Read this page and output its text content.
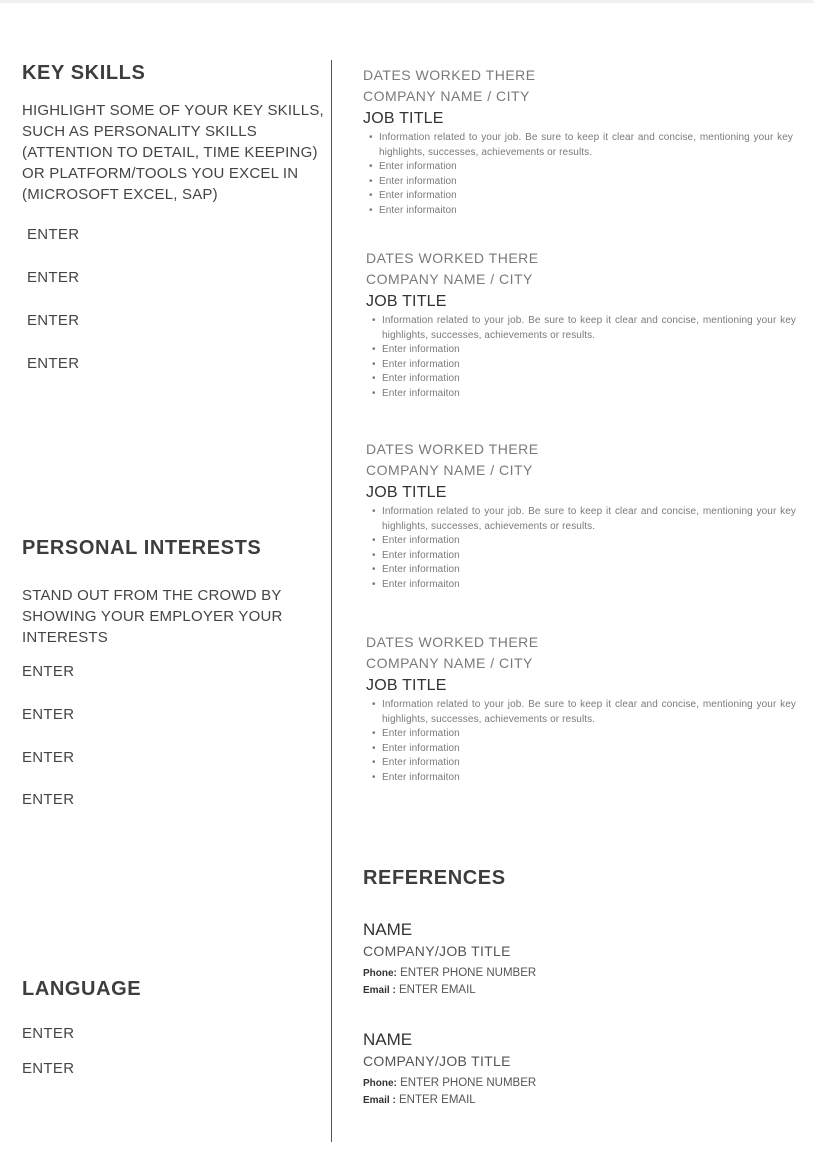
KEY SKILLS
HIGHLIGHT SOME OF YOUR KEY SKILLS,
SUCH AS PERSONALITY SKILLS
(ATTENTION TO DETAIL, TIME KEEPING)
OR PLATFORM/TOOLS YOU EXCEL IN
(MICROSOFT EXCEL, SAP)
ENTER
ENTER
ENTER
ENTER
PERSONAL INTERESTS
STAND OUT FROM THE CROWD BY
SHOWING YOUR EMPLOYER YOUR
INTERESTS
ENTER
ENTER
ENTER
ENTER
LANGUAGE
ENTER
ENTER
DATES WORKED THERE
COMPANY NAME / CITY
JOB TITLE
• Information related to your job. Be sure to keep it clear and concise, mentioning your key highlights, successes, achievements or results.
• Enter information
• Enter information
• Enter information
• Enter informaiton
DATES WORKED THERE
COMPANY NAME / CITY
JOB TITLE
• Information related to your job. Be sure to keep it clear and concise, mentioning your key highlights, successes, achievements or results.
• Enter information
• Enter information
• Enter information
• Enter informaiton
DATES WORKED THERE
COMPANY NAME / CITY
JOB TITLE
• Information related to your job. Be sure to keep it clear and concise, mentioning your key highlights, successes, achievements or results.
• Enter information
• Enter information
• Enter information
• Enter informaiton
DATES WORKED THERE
COMPANY NAME / CITY
JOB TITLE
• Information related to your job. Be sure to keep it clear and concise, mentioning your key highlights, successes, achievements or results.
• Enter information
• Enter information
• Enter information
• Enter informaiton
REFERENCES
NAME
COMPANY/JOB TITLE
Phone: ENTER PHONE NUMBER
Email : ENTER EMAIL
NAME
COMPANY/JOB TITLE
Phone: ENTER PHONE NUMBER
Email : ENTER EMAIL
